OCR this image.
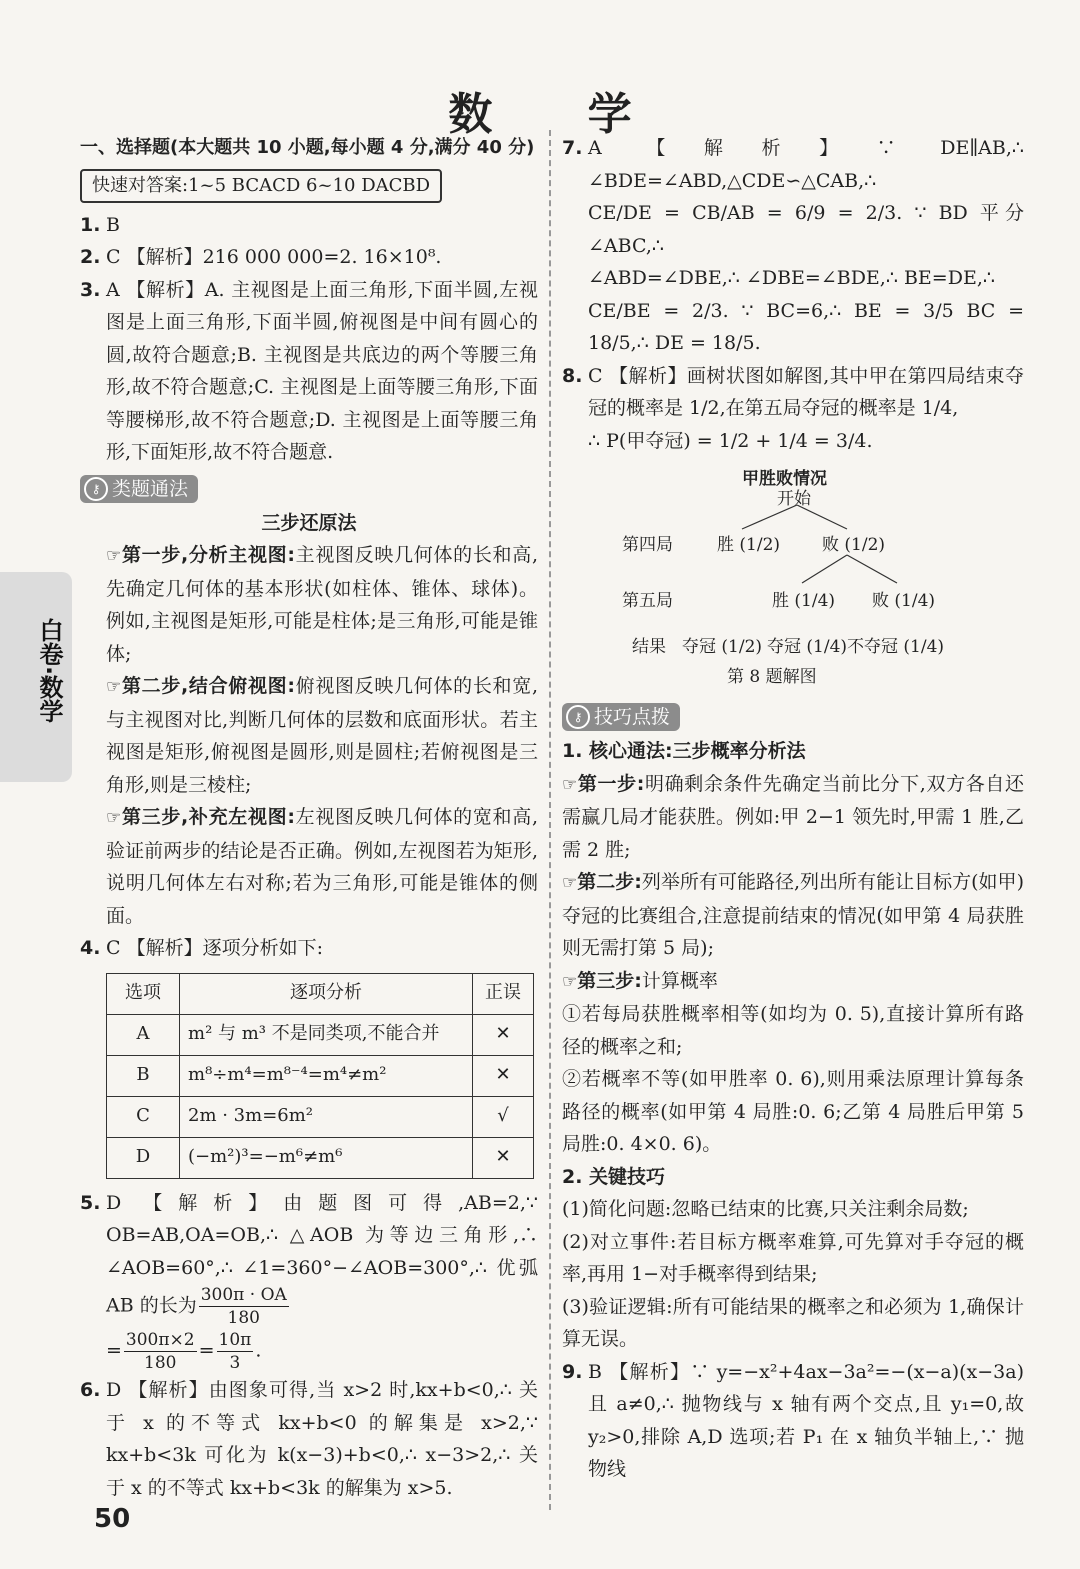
数 学
白卷·数学

一、选择题(本大题共 10 小题,每小题 4 分,满分 40 分)

快速对答案:1~5 BCACD 6~10 DACBD

1. B

2. C 【解析】216 000 000=2. 16×10⁸.

3. A 【解析】A. 主视图是上面三角形,下面半圆,左视图是上面三角形,下面半圆,俯视图是中间有圆心的圆,故符合题意;B. 主视图是共底边的两个等腰三角形,故不符合题意;C. 主视图是上面等腰三角形,下面等腰梯形,故不符合题意;D. 主视图是上面等腰三角形,下面矩形,故不符合题意.

⚷ 类题通法

三步还原法

☞第一步,分析主视图:主视图反映几何体的长和高,先确定几何体的基本形状(如柱体、锥体、球体)。例如,主视图是矩形,可能是柱体;是三角形,可能是锥体;

☞第二步,结合俯视图:俯视图反映几何体的长和宽,与主视图对比,判断几何体的层数和底面形状。若主视图是矩形,俯视图是圆形,则是圆柱;若俯视图是三角形,则是三棱柱;

☞第三步,补充左视图:左视图反映几何体的宽和高,验证前两步的结论是否正确。例如,左视图若为矩形,说明几何体左右对称;若为三角形,可能是锥体的侧面。

4. C 【解析】逐项分析如下:

选项	逐项分析	正误
A	m² 与 m³ 不是同类项,不能合并	✕
B	m⁸÷m⁴=m⁸⁻⁴=m⁴≠m²	✕
C	2m · 3m=6m²	√
D	(−m²)³=−m⁶≠m⁶	✕

5. D 【解析】由题图可得,AB=2,∵ OB=AB,OA=OB,∴ △AOB 为等边三角形,∴ ∠AOB=60°,∴ ∠1=360°−∠AOB=300°,∴ 优弧 AB 的长为 $\frac{300\pi \cdot OA}{180}$

= $\frac{300\pi\times 2}{180} = \frac{10\pi}{3}$ .

6. D 【解析】由图象可得,当 x>2 时,kx+b<0,∴ 关于 x 的不等式 kx+b<0 的解集是 x>2,∵ kx+b<3k 可化为 k(x−3)+b<0,∴ x−3>2,∴ 关于 x 的不等式 kx+b<3k 的解集为 x>5.

7. A 【解析】∵ DE∥AB,∴ ∠BDE=∠ABD,△CDE∽△CAB,∴

CE/DE = CB/AB = 6/9 = 2/3. ∵ BD 平分∠ABC,∴

∠ABD=∠DBE,∴ ∠DBE=∠BDE,∴ BE=DE,∴

CE/BE = 2/3. ∵ BC=6,∴ BE = 3/5 BC = 18/5,∴ DE = 18/5.

8. C 【解析】画树状图如解图,其中甲在第四局结束夺冠的概率是 1/2,在第五局夺冠的概率是 1/4,

∴ P(甲夺冠) = 1/2 + 1/4 = 3/4.

甲胜败情况
开始
第四局	胜 (1/2) 败 (1/2)
第五局	胜 (1/4) 败 (1/4)
结果 夺冠 (1/2) 夺冠 (1/4) 不夺冠 (1/4)
第 8 题解图
⚷ 技巧点拨

1. 核心通法:三步概率分析法

☞第一步:明确剩余条件先确定当前比分下,双方各自还需赢几局才能获胜。例如:甲 2−1 领先时,甲需 1 胜,乙需 2 胜;

☞第二步:列举所有可能路径,列出所有能让目标方(如甲)夺冠的比赛组合,注意提前结束的情况(如甲第 4 局获胜则无需打第 5 局);

☞第三步:计算概率

①若每局获胜概率相等(如均为 0. 5),直接计算所有路径的概率之和;

②若概率不等(如甲胜率 0. 6),则用乘法原理计算每条路径的概率(如甲第 4 局胜:0. 6;乙第 4 局胜后甲第 5 局胜:0. 4×0. 6)。

2. 关键技巧

(1)简化问题:忽略已结束的比赛,只关注剩余局数;

(2)对立事件:若目标方概率难算,可先算对手夺冠的概率,再用 1−对手概率得到结果;

(3)验证逻辑:所有可能结果的概率之和必须为 1,确保计算无误。

9. B 【解析】∵ y=−x²+4ax−3a²=−(x−a)(x−3a)且 a≠0,∴ 抛物线与 x 轴有两个交点,且 y₁=0,故 y₂>0,排除 A,D 选项;若 P₁ 在 x 轴负半轴上,∵ 抛物线

50
